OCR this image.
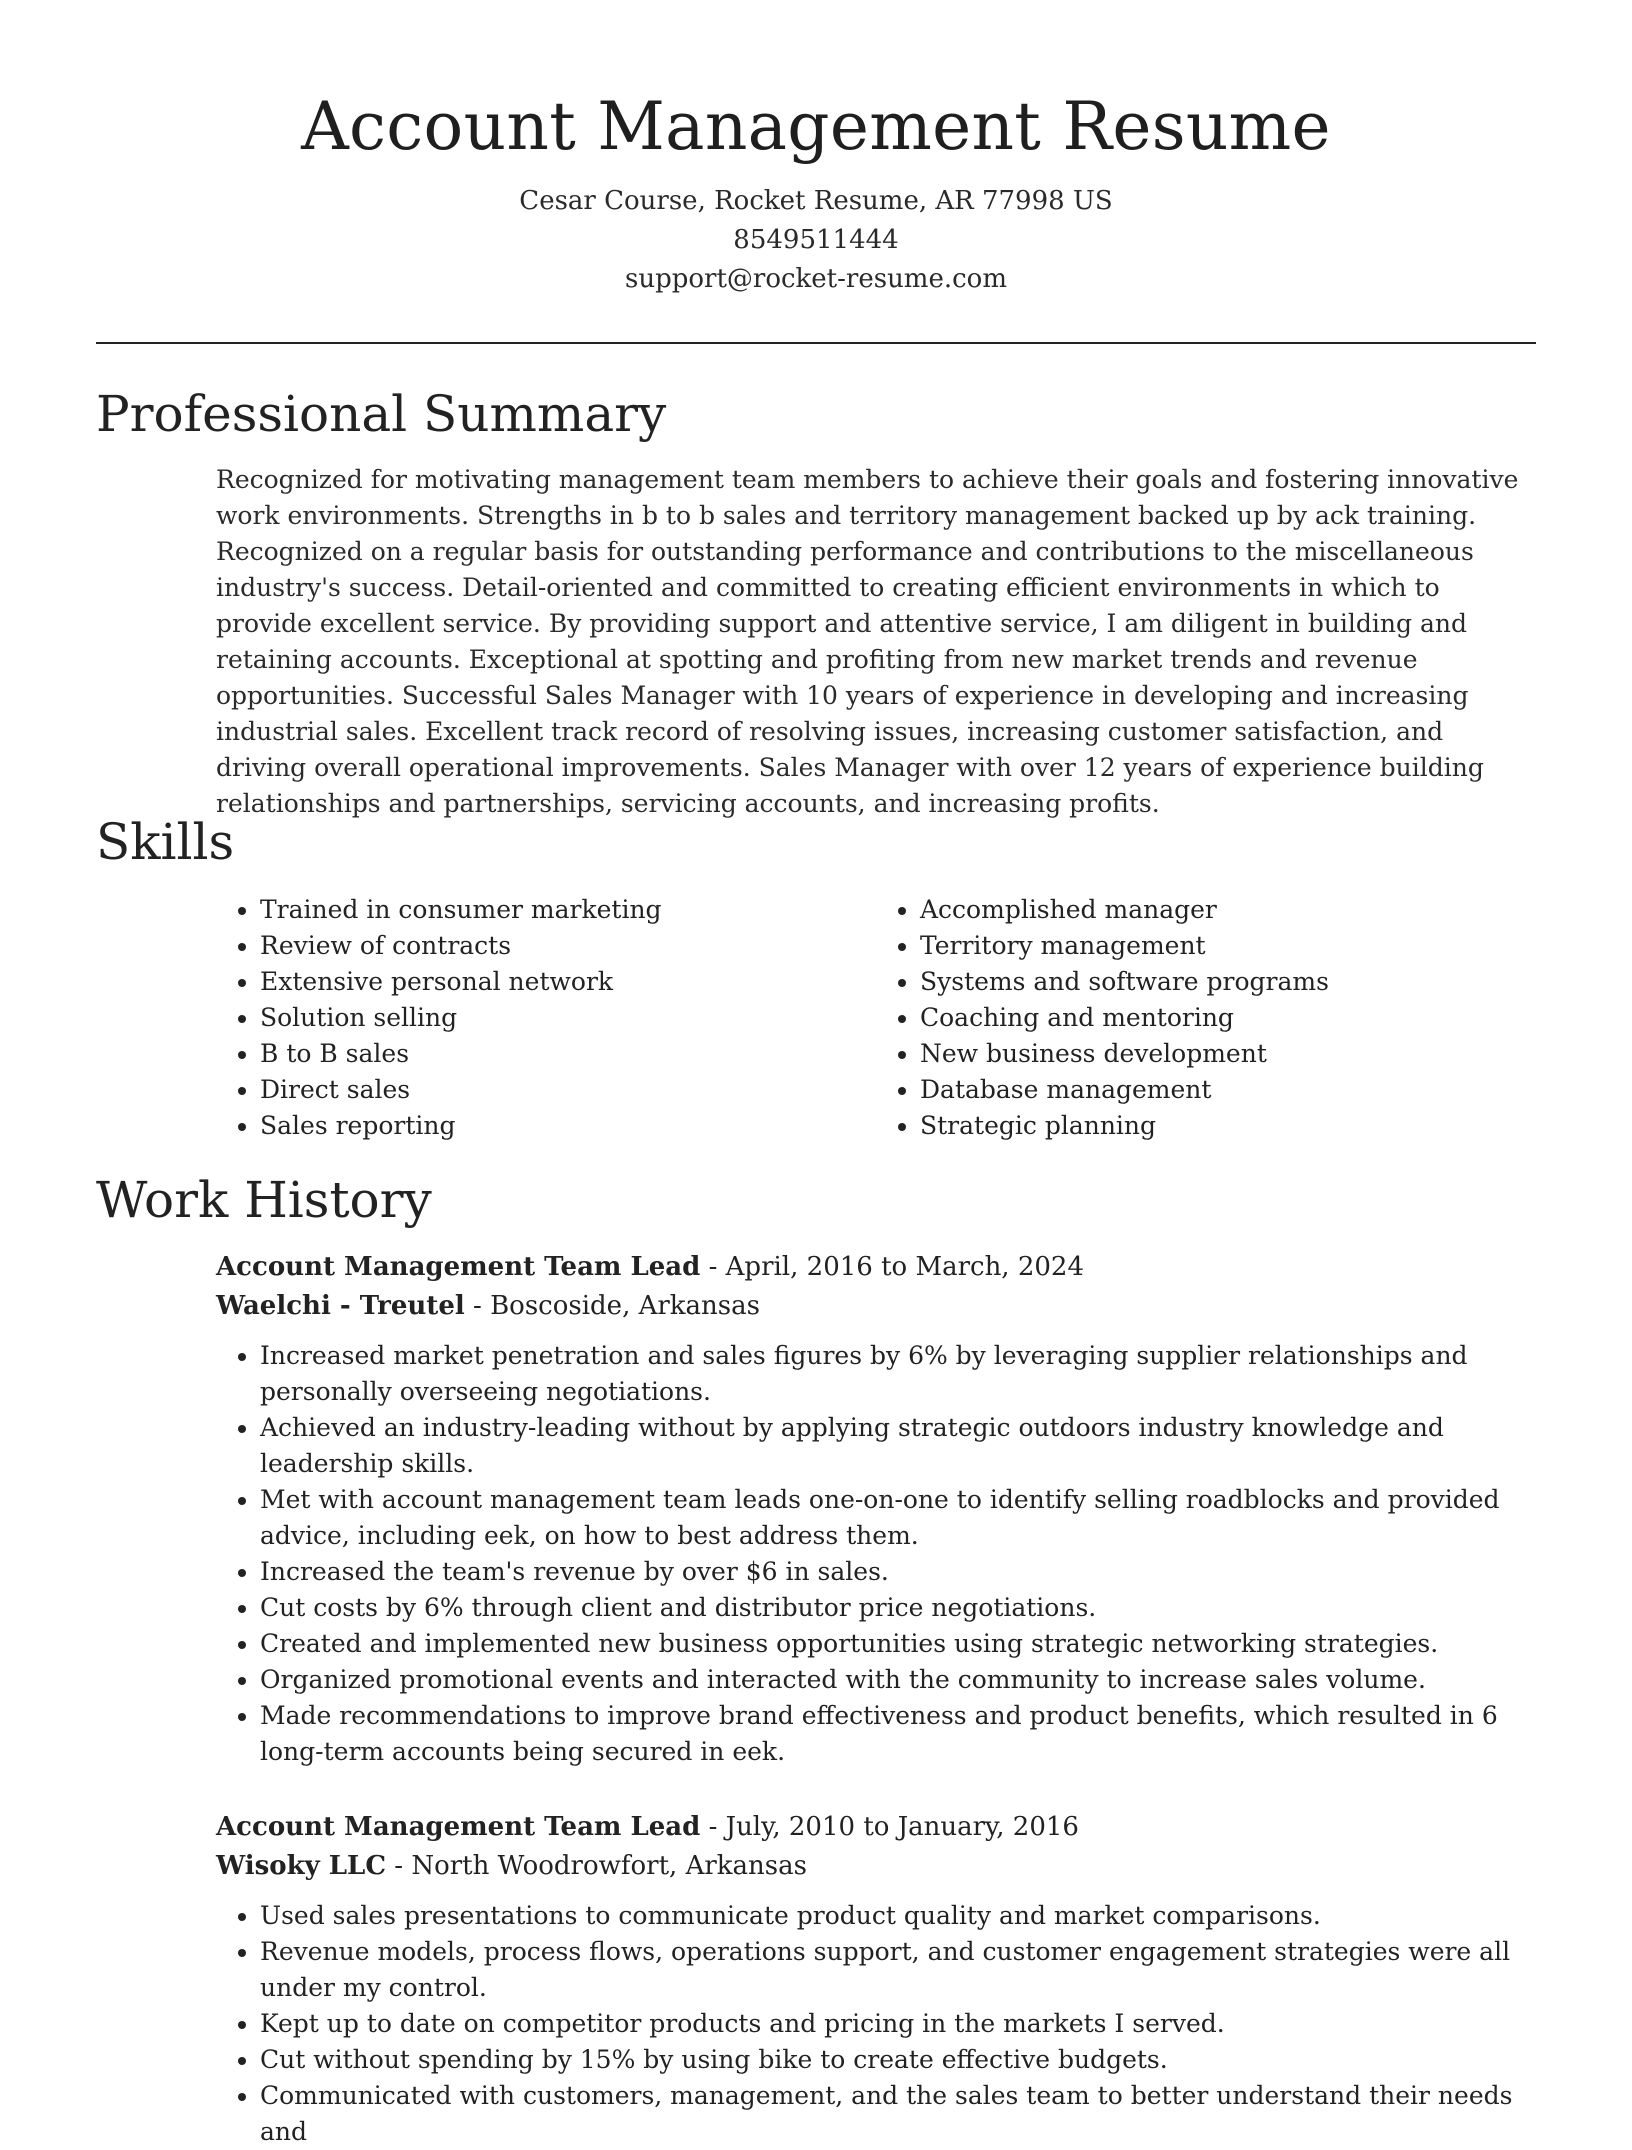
Account Management Resume
Cesar Course, Rocket Resume, AR 77998 US
8549511444
support@rocket-resume.com
Professional Summary
Recognized for motivating management team members to achieve their goals and fostering innovative work environments. Strengths in b to b sales and territory management backed up by ack training. Recognized on a regular basis for outstanding performance and contributions to the miscellaneous industry's success. Detail-oriented and committed to creating efficient environments in which to provide excellent service. By providing support and attentive service, I am diligent in building and retaining accounts. Exceptional at spotting and profiting from new market trends and revenue opportunities. Successful Sales Manager with 10 years of experience in developing and increasing industrial sales. Excellent track record of resolving issues, increasing customer satisfaction, and driving overall operational improvements. Sales Manager with over 12 years of experience building relationships and partnerships, servicing accounts, and increasing profits.
Skills
• Trained in consumer marketing
• Review of contracts
• Extensive personal network
• Solution selling
• B to B sales
• Direct sales
• Sales reporting
• Accomplished manager
• Territory management
• Systems and software programs
• Coaching and mentoring
• New business development
• Database management
• Strategic planning
Work History
Account Management Team Lead - April, 2016 to March, 2024
Waelchi - Treutel - Boscoside, Arkansas
• Increased market penetration and sales figures by 6% by leveraging supplier relationships and personally overseeing negotiations.
• Achieved an industry-leading without by applying strategic outdoors industry knowledge and leadership skills.
• Met with account management team leads one-on-one to identify selling roadblocks and provided advice, including eek, on how to best address them.
• Increased the team's revenue by over $6 in sales.
• Cut costs by 6% through client and distributor price negotiations.
• Created and implemented new business opportunities using strategic networking strategies.
• Organized promotional events and interacted with the community to increase sales volume.
• Made recommendations to improve brand effectiveness and product benefits, which resulted in 6 long-term accounts being secured in eek.
Account Management Team Lead - July, 2010 to January, 2016
Wisoky LLC - North Woodrowfort, Arkansas
• Used sales presentations to communicate product quality and market comparisons.
• Revenue models, process flows, operations support, and customer engagement strategies were all under my control.
• Kept up to date on competitor products and pricing in the markets I served.
• Cut without spending by 15% by using bike to create effective budgets.
• Communicated with customers, management, and the sales team to better understand their needs and
